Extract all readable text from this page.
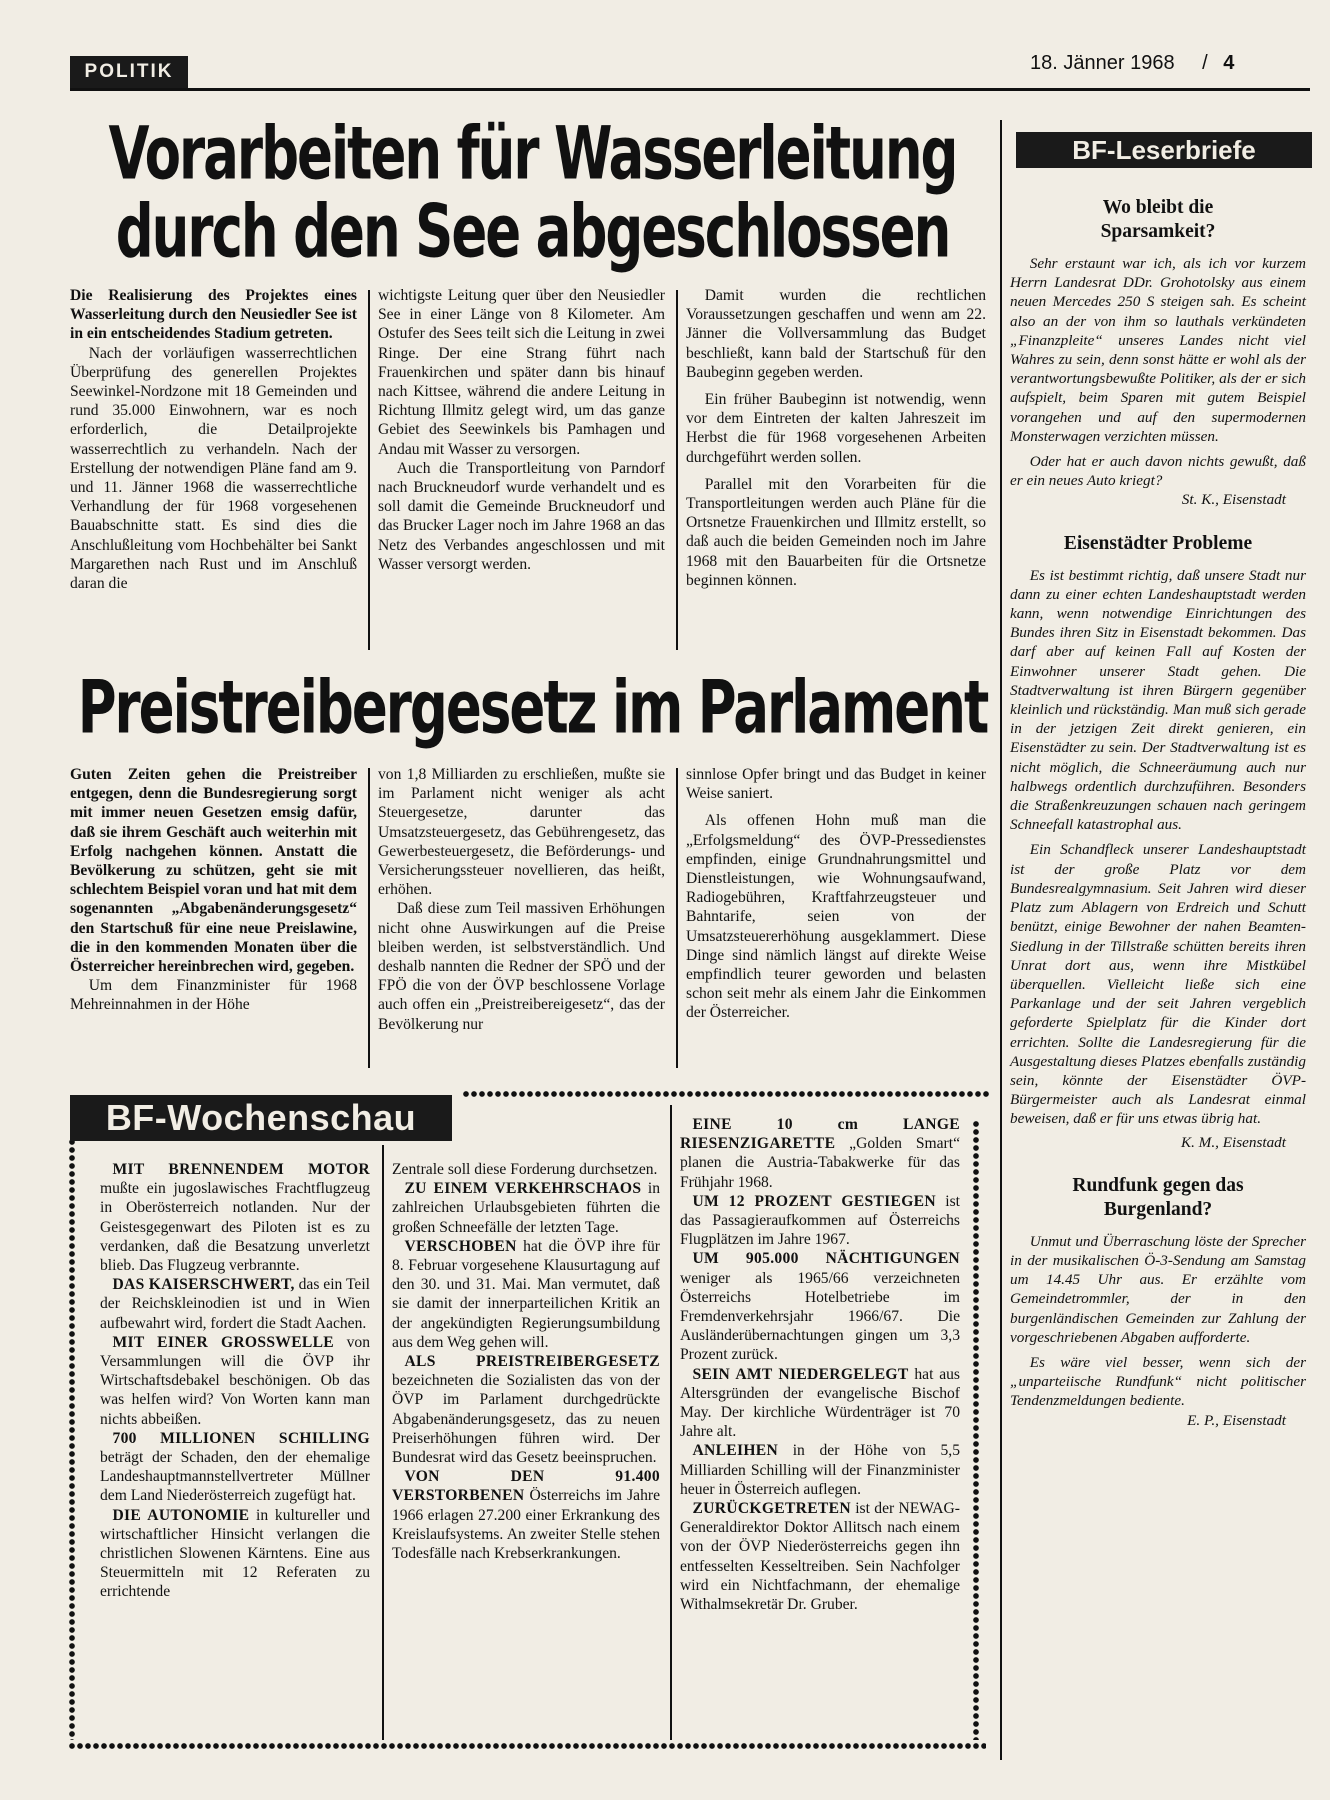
POLITIK	18. Jänner 1968 / 4
Vorarbeiten für Wasserleitung
durch den See abgeschlossen

Die Realisierung des Projektes eines Wasserleitung durch den Neusiedler See ist in ein entscheidendes Stadium getreten.

Nach der vorläufigen wasserrechtlichen Überprüfung des generellen Projektes Seewinkel-Nordzone mit 18 Gemeinden und rund 35.000 Einwohnern, war es noch erforderlich, die Detailprojekte wasserrechtlich zu verhandeln. Nach der Erstellung der notwendigen Pläne fand am 9. und 11. Jänner 1968 die wasserrechtliche Verhandlung der für 1968 vorgesehenen Bauabschnitte statt. Es sind dies die Anschlußleitung vom Hochbehälter bei Sankt Margarethen nach Rust und im Anschluß daran die

wichtigste Leitung quer über den Neusiedler See in einer Länge von 8 Kilometer. Am Ostufer des Sees teilt sich die Leitung in zwei Ringe. Der eine Strang führt nach Frauenkirchen und später dann bis hinauf nach Kittsee, während die andere Leitung in Richtung Illmitz gelegt wird, um das ganze Gebiet des Seewinkels bis Pamhagen und Andau mit Wasser zu versorgen.

Auch die Transportleitung von Parndorf nach Bruckneudorf wurde verhandelt und es soll damit die Gemeinde Bruckneudorf und das Brucker Lager noch im Jahre 1968 an das Netz des Verbandes angeschlossen und mit Wasser versorgt werden.

Damit wurden die rechtlichen Voraussetzungen geschaffen und wenn am 22. Jänner die Vollversammlung das Budget beschließt, kann bald der Startschuß für den Baubeginn gegeben werden.

Ein früher Baubeginn ist notwendig, wenn vor dem Eintreten der kalten Jahreszeit im Herbst die für 1968 vorgesehenen Arbeiten durchgeführt werden sollen.

Parallel mit den Vorarbeiten für die Transportleitungen werden auch Pläne für die Ortsnetze Frauenkirchen und Illmitz erstellt, so daß auch die beiden Gemeinden noch im Jahre 1968 mit den Bauarbeiten für die Ortsnetze beginnen können.

Preistreibergesetz im Parlament

Guten Zeiten gehen die Preistreiber entgegen, denn die Bundesregierung sorgt mit immer neuen Gesetzen emsig dafür, daß sie ihrem Geschäft auch weiterhin mit Erfolg nachgehen können. Anstatt die Bevölkerung zu schützen, geht sie mit schlechtem Beispiel voran und hat mit dem sogenannten „Abgabenänderungsgesetz“ den Startschuß für eine neue Preislawine, die in den kommenden Monaten über die Österreicher hereinbrechen wird, gegeben.

Um dem Finanzminister für 1968 Mehreinnahmen in der Höhe

von 1,8 Milliarden zu erschließen, mußte sie im Parlament nicht weniger als acht Steuergesetze, darunter das Umsatzsteuergesetz, das Gebührengesetz, das Gewerbesteuergesetz, die Beförderungs- und Versicherungssteuer novellieren, das heißt, erhöhen.

Daß diese zum Teil massiven Erhöhungen nicht ohne Auswirkungen auf die Preise bleiben werden, ist selbstverständlich. Und deshalb nannten die Redner der SPÖ und der FPÖ die von der ÖVP beschlossene Vorlage auch offen ein „Preistreibereigesetz“, das der Bevölkerung nur

sinnlose Opfer bringt und das Budget in keiner Weise saniert.

Als offenen Hohn muß man die „Erfolgsmeldung“ des ÖVP-Pressedienstes empfinden, einige Grundnahrungsmittel und Dienstleistungen, wie Wohnungsaufwand, Radiogebühren, Kraftfahrzeugsteuer und Bahntarife, seien von der Umsatzsteuererhöhung ausgeklammert. Diese Dinge sind nämlich längst auf direkte Weise empfindlich teurer geworden und belasten schon seit mehr als einem Jahr die Einkommen der Österreicher.

BF-Wochenschau

MIT BRENNENDEM MOTOR mußte ein jugoslawisches Frachtflugzeug in Oberösterreich notlanden. Nur der Geistesgegenwart des Piloten ist es zu verdanken, daß die Besatzung unverletzt blieb. Das Flugzeug verbrannte.

DAS KAISERSCHWERT, das ein Teil der Reichskleinodien ist und in Wien aufbewahrt wird, fordert die Stadt Aachen.

MIT EINER GROSSWELLE von Versammlungen will die ÖVP ihr Wirtschaftsdebakel beschönigen. Ob das was helfen wird? Von Worten kann man nichts abbeißen.

700 MILLIONEN SCHILLING beträgt der Schaden, den der ehemalige Landeshauptmannstellvertreter Müllner dem Land Niederösterreich zugefügt hat.

DIE AUTONOMIE in kultureller und wirtschaftlicher Hinsicht verlangen die christlichen Slowenen Kärntens. Eine aus Steuermitteln mit 12 Referaten zu errichtende

Zentrale soll diese Forderung durchsetzen.

ZU EINEM VERKEHRSCHAOS in zahlreichen Urlaubsgebieten führten die großen Schneefälle der letzten Tage.

VERSCHOBEN hat die ÖVP ihre für 8. Februar vorgesehene Klausurtagung auf den 30. und 31. Mai. Man vermutet, daß sie damit der innerparteilichen Kritik an der angekündigten Regierungsumbildung aus dem Weg gehen will.

ALS PREISTREIBERGESETZ bezeichneten die Sozialisten das von der ÖVP im Parlament durchgedrückte Abgabenänderungsgesetz, das zu neuen Preiserhöhungen führen wird. Der Bundesrat wird das Gesetz beeinspruchen.

VON DEN 91.400 VERSTORBENEN Österreichs im Jahre 1966 erlagen 27.200 einer Erkrankung des Kreislaufsystems. An zweiter Stelle stehen Todesfälle nach Krebserkrankungen.

EINE 10 cm LANGE RIESENZIGARETTE „Golden Smart“ planen die Austria-Tabakwerke für das Frühjahr 1968.

UM 12 PROZENT GESTIEGEN ist das Passagieraufkommen auf Österreichs Flugplätzen im Jahre 1967.

UM 905.000 NÄCHTIGUNGEN weniger als 1965/66 verzeichneten Österreichs Hotelbetriebe im Fremdenverkehrsjahr 1966/67. Die Ausländerübernachtungen gingen um 3,3 Prozent zurück.

SEIN AMT NIEDERGELEGT hat aus Altersgründen der evangelische Bischof May. Der kirchliche Würdenträger ist 70 Jahre alt.

ANLEIHEN in der Höhe von 5,5 Milliarden Schilling will der Finanzminister heuer in Österreich auflegen.

ZURÜCKGETRETEN ist der NEWAG-Generaldirektor Doktor Allitsch nach einem von der ÖVP Niederösterreichs gegen ihn entfesselten Kesseltreiben. Sein Nachfolger wird ein Nichtfachmann, der ehemalige Withalmsekretär Dr. Gruber.

BF-Leserbriefe
Wo bleibt die Sparsamkeit?

Sehr erstaunt war ich, als ich vor kurzem Herrn Landesrat DDr. Grohotolsky aus einem neuen Mercedes 250 S steigen sah. Es scheint also an der von ihm so lauthals verkündeten „Finanzpleite“ unseres Landes nicht viel Wahres zu sein, denn sonst hätte er wohl als der verantwortungsbewußte Politiker, als der er sich aufspielt, beim Sparen mit gutem Beispiel vorangehen und auf den supermodernen Monsterwagen verzichten müssen.

Oder hat er auch davon nichts gewußt, daß er ein neues Auto kriegt?

St. K., Eisenstadt

Eisenstädter Probleme

Es ist bestimmt richtig, daß unsere Stadt nur dann zu einer echten Landeshauptstadt werden kann, wenn notwendige Einrichtungen des Bundes ihren Sitz in Eisenstadt bekommen. Das darf aber auf keinen Fall auf Kosten der Einwohner unserer Stadt gehen. Die Stadtverwaltung ist ihren Bürgern gegenüber kleinlich und rückständig. Man muß sich gerade in der jetzigen Zeit direkt genieren, ein Eisenstädter zu sein. Der Stadtverwaltung ist es nicht möglich, die Schneeräumung auch nur halbwegs ordentlich durchzuführen. Besonders die Straßenkreuzungen schauen nach geringem Schneefall katastrophal aus.

Ein Schandfleck unserer Landeshauptstadt ist der große Platz vor dem Bundesrealgymnasium. Seit Jahren wird dieser Platz zum Ablagern von Erdreich und Schutt benützt, einige Bewohner der nahen Beamten-Siedlung in der Tillstraße schütten bereits ihren Unrat dort aus, wenn ihre Mistkübel überquellen. Vielleicht ließe sich eine Parkanlage und der seit Jahren vergeblich geforderte Spielplatz für die Kinder dort errichten. Sollte die Landesregierung für die Ausgestaltung dieses Platzes ebenfalls zuständig sein, könnte der Eisenstädter ÖVP-Bürgermeister auch als Landesrat einmal beweisen, daß er für uns etwas übrig hat.

K. M., Eisenstadt

Rundfunk gegen das Burgenland?

Unmut und Überraschung löste der Sprecher in der musikalischen Ö-3-Sendung am Samstag um 14.45 Uhr aus. Er erzählte vom Gemeindetrommler, der in den burgenländischen Gemeinden zur Zahlung der vorgeschriebenen Abgaben aufforderte.

Es wäre viel besser, wenn sich der „unparteiische Rundfunk“ nicht politischer Tendenzmeldungen bediente.

E. P., Eisenstadt
